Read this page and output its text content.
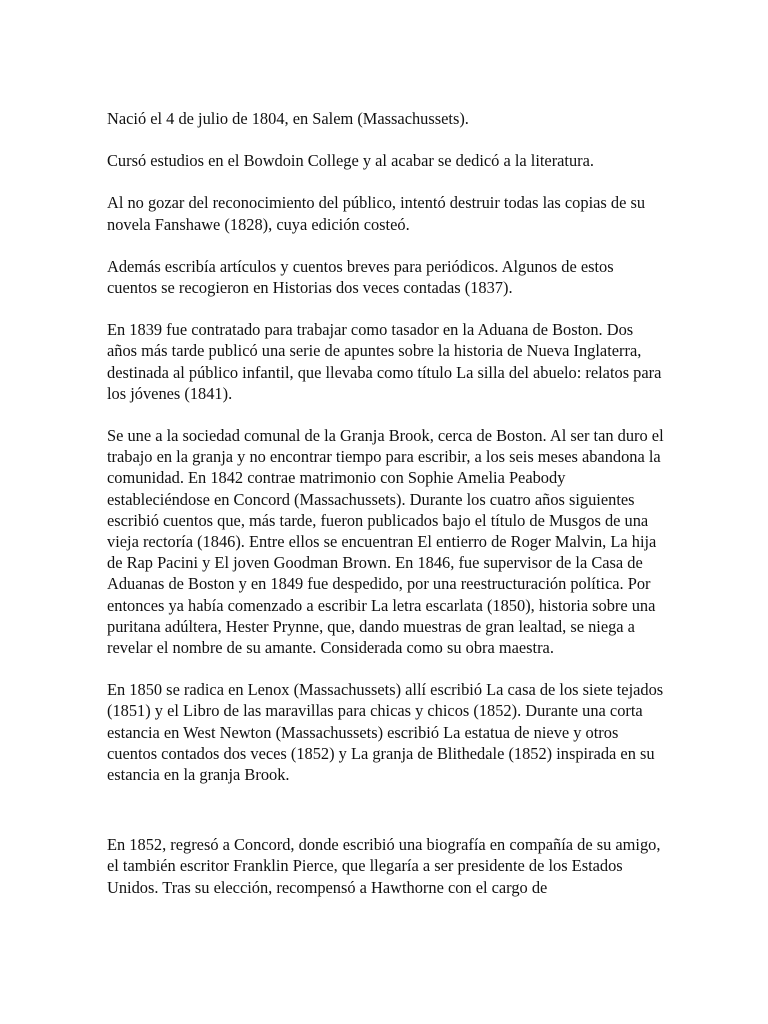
Nació el 4 de julio de 1804, en Salem (Massachussets).

Cursó estudios en el Bowdoin College y al acabar se dedicó a la literatura.

Al no gozar del reconocimiento del público, intentó destruir todas las copias de su novela Fanshawe (1828), cuya edición costeó.

Además escribía artículos y cuentos breves para periódicos. Algunos de estos cuentos se recogieron en Historias dos veces contadas (1837).

En 1839 fue contratado para trabajar como tasador en la Aduana de Boston. Dos años más tarde publicó una serie de apuntes sobre la historia de Nueva Inglaterra, destinada al público infantil, que llevaba como título La silla del abuelo: relatos para los jóvenes (1841).

Se une a la sociedad comunal de la Granja Brook, cerca de Boston. Al ser tan duro el trabajo en la granja y no encontrar tiempo para escribir, a los seis meses abandona la comunidad. En 1842 contrae matrimonio con Sophie Amelia Peabody estableciéndose en Concord (Massachussets). Durante los cuatro años siguientes escribió cuentos que, más tarde, fueron publicados bajo el título de Musgos de una vieja rectoría (1846). Entre ellos se encuentran El entierro de Roger Malvin, La hija de Rap Pacini y El joven Goodman Brown. En 1846, fue supervisor de la Casa de Aduanas de Boston y en 1849 fue despedido, por una reestructuración política. Por entonces ya había comenzado a escribir La letra escarlata (1850), historia sobre una puritana adúltera, Hester Prynne, que, dando muestras de gran lealtad, se niega a revelar el nombre de su amante. Considerada como su obra maestra.

En 1850 se radica en Lenox (Massachussets) allí escribió La casa de los siete tejados (1851) y el Libro de las maravillas para chicas y chicos (1852). Durante una corta estancia en West Newton (Massachussets) escribió La estatua de nieve y otros cuentos contados dos veces (1852) y La granja de Blithedale (1852) inspirada en su estancia en la granja Brook.

En 1852, regresó a Concord, donde escribió una biografía en compañía de su amigo, el también escritor Franklin Pierce, que llegaría a ser presidente de los Estados Unidos. Tras su elección, recompensó a Hawthorne con el cargo de
